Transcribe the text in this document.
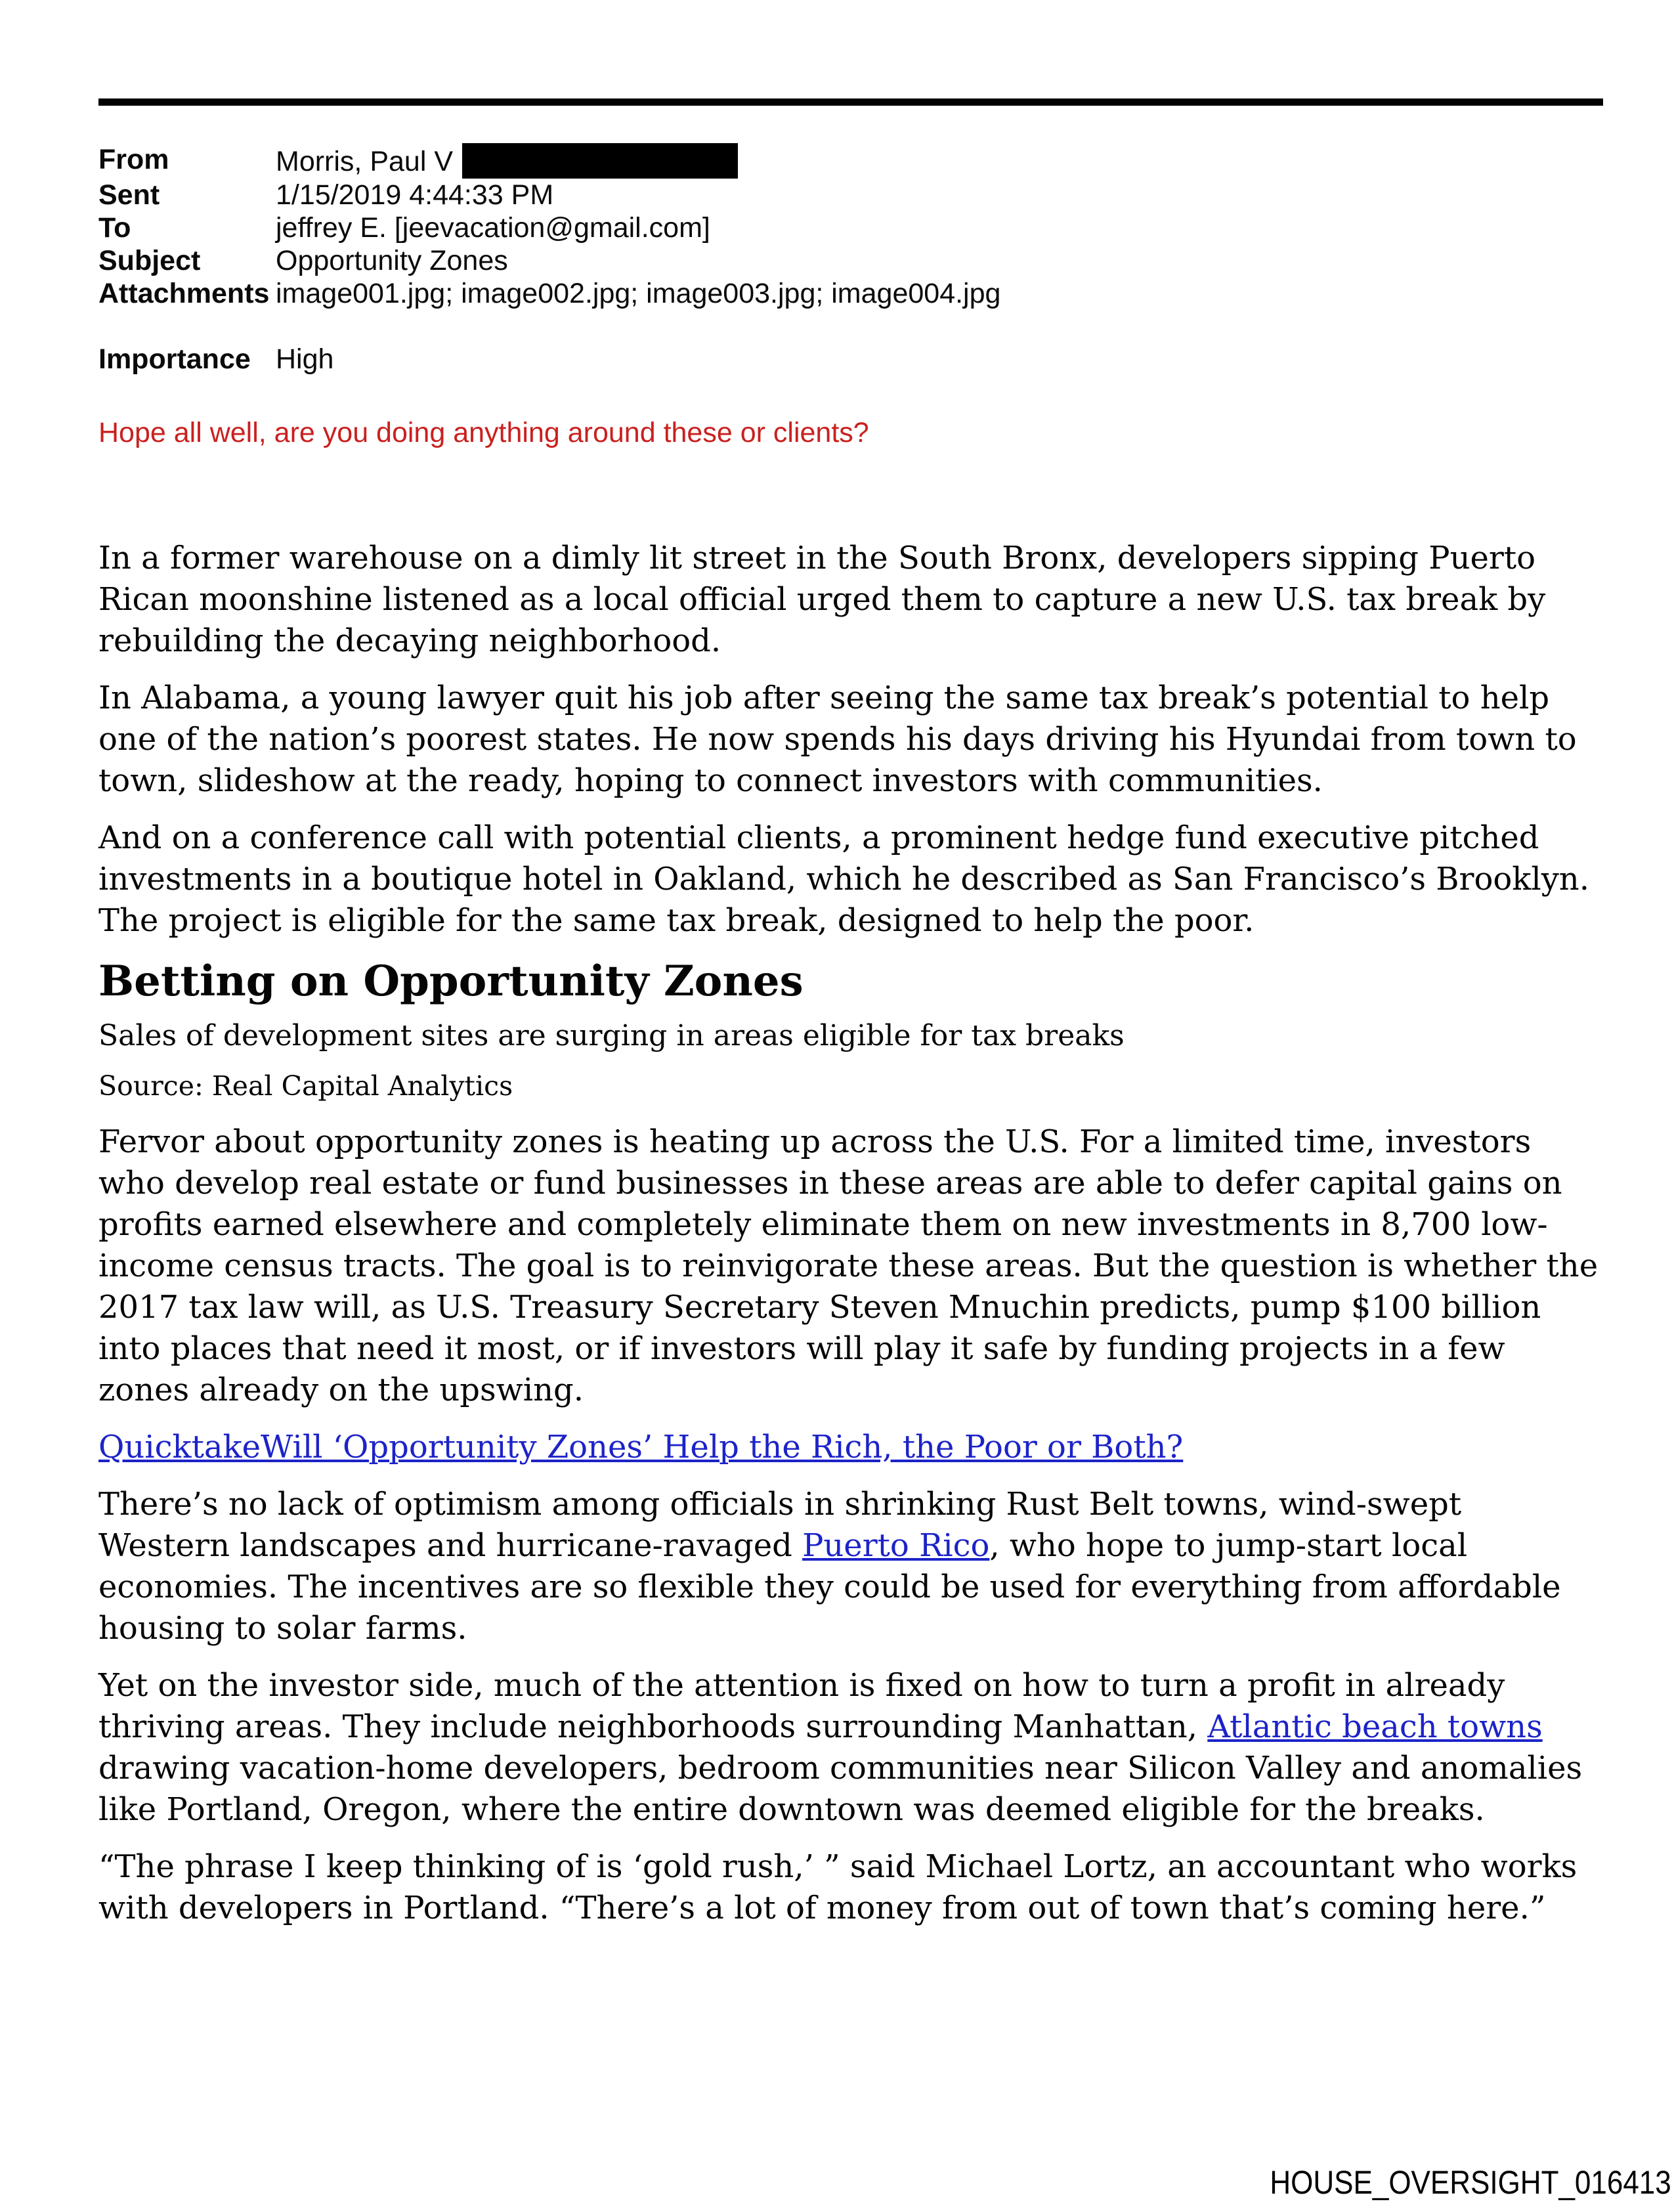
From	Morris, Paul V
Sent	1/15/2019 4:44:33 PM
To	jeffrey E. [jeevacation@gmail.com]
Subject	Opportunity Zones
Attachments image001.jpg; image002.jpg; image003.jpg; image004.jpg
Importance High
Hope all well, are you doing anything around these or clients?

In a former warehouse on a dimly lit street in the South Bronx, developers sipping Puerto Rican moonshine listened as a local official urged them to capture a new U.S. tax break by rebuilding the decaying neighborhood.

In Alabama, a young lawyer quit his job after seeing the same tax break’s potential to help one of the nation’s poorest states. He now spends his days driving his Hyundai from town to town, slideshow at the ready, hoping to connect investors with communities.

And on a conference call with potential clients, a prominent hedge fund executive pitched investments in a boutique hotel in Oakland, which he described as San Francisco’s Brooklyn. The project is eligible for the same tax break, designed to help the poor.

Betting on Opportunity Zones
Sales of development sites are surging in areas eligible for tax breaks
Source: Real Capital Analytics

Fervor about opportunity zones is heating up across the U.S. For a limited time, investors who develop real estate or fund businesses in these areas are able to defer capital gains on profits earned elsewhere and completely eliminate them on new investments in 8,700 low-income census tracts. The goal is to reinvigorate these areas. But the question is whether the 2017 tax law will, as U.S. Treasury Secretary Steven Mnuchin predicts, pump $100 billion into places that need it most, or if investors will play it safe by funding projects in a few zones already on the upswing.

QuicktakeWill ‘Opportunity Zones’ Help the Rich, the Poor or Both?

There’s no lack of optimism among officials in shrinking Rust Belt towns, wind-swept Western landscapes and hurricane-ravaged Puerto Rico, who hope to jump-start local economies. The incentives are so flexible they could be used for everything from affordable housing to solar farms.

Yet on the investor side, much of the attention is fixed on how to turn a profit in already thriving areas. They include neighborhoods surrounding Manhattan, Atlantic beach towns drawing vacation-home developers, bedroom communities near Silicon Valley and anomalies like Portland, Oregon, where the entire downtown was deemed eligible for the breaks.

“The phrase I keep thinking of is ‘gold rush,’ ” said Michael Lortz, an accountant who works with developers in Portland. “There’s a lot of money from out of town that’s coming here.”

HOUSE_OVERSIGHT_016413
